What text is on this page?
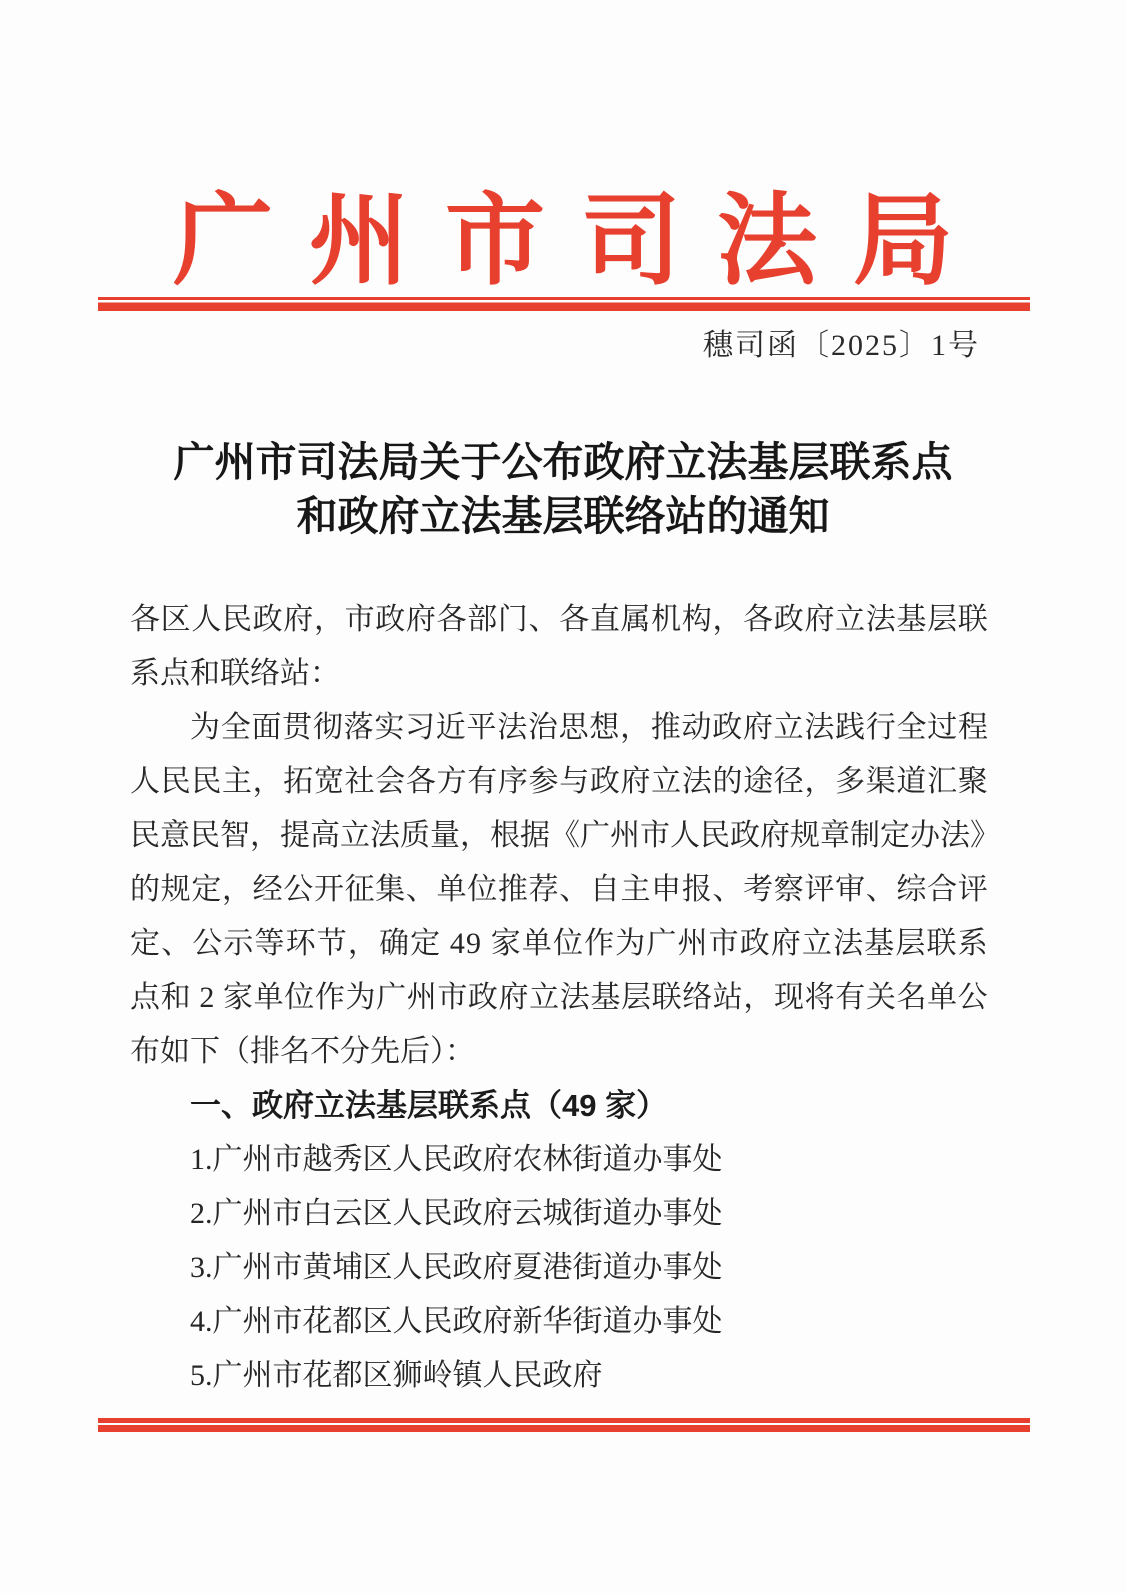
广州市司法局
穗司函〔2025〕1号
广州市司法局关于公布政府立法基层联系点
和政府立法基层联络站的通知
各 区 人 民 政 府 ， 市 政 府 各 部 门 、 各 直 属 机 构 ， 各 政 府 立 法 基 层 联
系点和联络站：
为 全 面 贯 彻 落 实 习 近 平 法 治 思 想 ， 推 动 政 府 立 法 践 行 全 过 程
人 民 民 主 ， 拓 宽 社 会 各 方 有 序 参 与 政 府 立 法 的 途 径 ， 多 渠 道 汇 聚
民 意 民 智 ， 提 高 立 法 质 量 ， 根 据 《 广 州 市 人 民 政 府 规 章 制 定 办 法 》
的 规 定 ， 经 公 开 征 集 、 单 位 推 荐 、 自 主 申 报 、 考 察 评 审 、 综 合 评
定 、 公 示 等 环 节 ， 确 定
4 9
家 单 位 作 为 广 州 市 政 府 立 法 基 层 联 系
点 和
2
家 单 位 作 为 广 州 市 政 府 立 法 基 层 联 络 站 ， 现 将 有 关 名 单 公
布如下（排名不分先后）：
一、政府立法基层联系点（49 家）
1.广州市越秀区人民政府农林街道办事处
2.广州市白云区人民政府云城街道办事处
3.广州市黄埔区人民政府夏港街道办事处
4.广州市花都区人民政府新华街道办事处
5.广州市花都区狮岭镇人民政府
